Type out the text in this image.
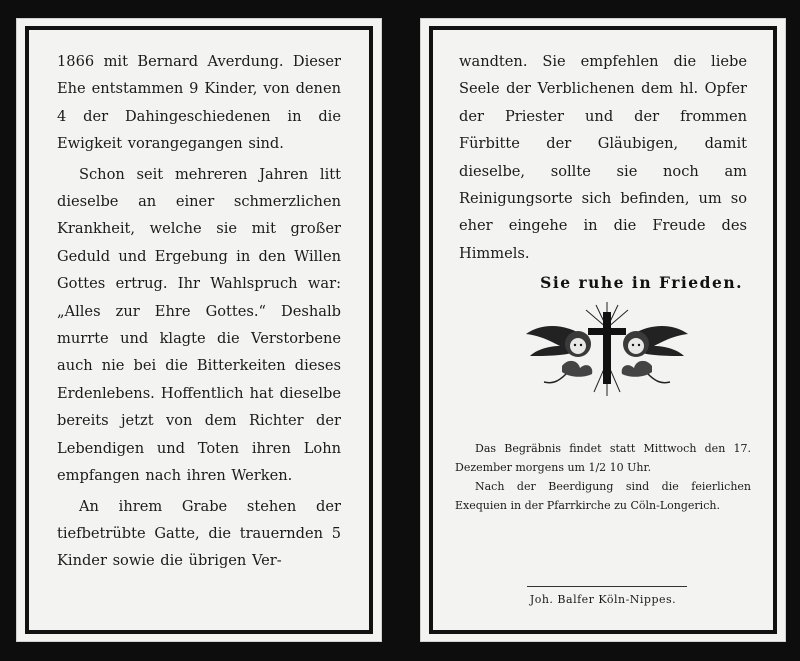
1866 mit Bernard Averdung. Dieser Ehe entstammen 9 Kinder, von denen 4 der Dahingeschiedenen in die Ewigkeit vorangegangen sind.

Schon seit mehreren Jahren litt dieselbe an einer schmerzlichen Krankheit, welche sie mit großer Geduld und Ergebung in den Willen Gottes ertrug. Ihr Wahlspruch war: „Alles zur Ehre Gottes.“ Deshalb murrte und klagte die Verstorbene auch nie bei die Bitterkeiten dieses Erdenlebens. Hoffentlich hat dieselbe bereits jetzt von dem Richter der Lebendigen und Toten ihren Lohn empfangen nach ihren Werken.

An ihrem Grabe stehen der tiefbetrübte Gatte, die trauernden 5 Kinder sowie die übrigen Ver-

wandten. Sie empfehlen die liebe Seele der Verblichenen dem hl. Opfer der Priester und der frommen Fürbitte der Gläubigen, damit dieselbe, sollte sie noch am Reinigungsorte sich befinden, um so eher eingehe in die Freude des Himmels.

Sie ruhe in Frieden.

Das Begräbnis findet statt Mittwoch den 17. Dezember morgens um 1/2 10 Uhr.

Nach der Beerdigung sind die feierlichen Exequien in der Pfarrkirche zu Cöln-Longerich.

Joh. Balfer Köln-Nippes.
